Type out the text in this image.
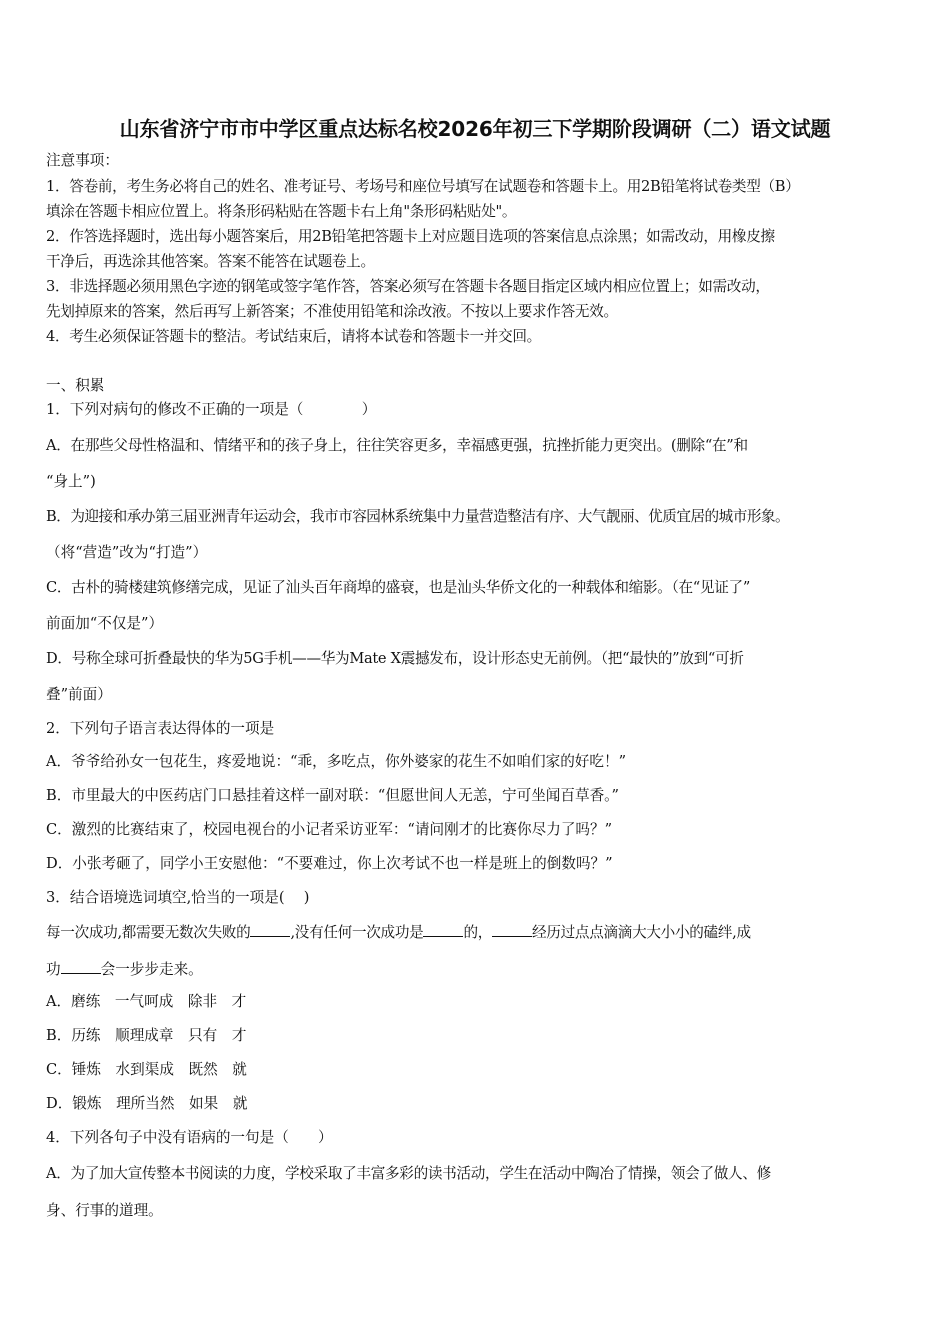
山东省济宁市市中学区重点达标名校2026年初三下学期阶段调研（二）语文试题
注意事项：
1．答卷前，考生务必将自己的姓名、准考证号、考场号和座位号填写在试题卷和答题卡上。用2B铅笔将试卷类型（B）
填涂在答题卡相应位置上。将条形码粘贴在答题卡右上角"条形码粘贴处"。
2．作答选择题时，选出每小题答案后，用2B铅笔把答题卡上对应题目选项的答案信息点涂黑；如需改动，用橡皮擦
干净后，再选涂其他答案。答案不能答在试题卷上。
3．非选择题必须用黑色字迹的钢笔或签字笔作答，答案必须写在答题卡各题目指定区域内相应位置上；如需改动，
先划掉原来的答案，然后再写上新答案；不准使用铅笔和涂改液。不按以上要求作答无效。
4．考生必须保证答题卡的整洁。考试结束后，请将本试卷和答题卡一并交回。
一、积累
1．下列对病句的修改不正确的一项是（　　　　）
A．在那些父母性格温和、情绪平和的孩子身上，往往笑容更多，幸福感更强，抗挫折能力更突出。(删除“在”和
“身上”)
B．为迎接和承办第三届亚洲青年运动会，我市市容园林系统集中力量营造整洁有序、大气靓丽、优质宜居的城市形象。
（将“营造”改为“打造”）
C．古朴的骑楼建筑修缮完成，见证了汕头百年商埠的盛衰，也是汕头华侨文化的一种载体和缩影。（在“见证了”
前面加“不仅是”）
D．号称全球可折叠最快的华为5G手机——华为Mate X震撼发布，设计形态史无前例。（把“最快的”放到“可折
叠”前面）
2．下列句子语言表达得体的一项是
A．爷爷给孙女一包花生，疼爱地说：“乖，多吃点，你外婆家的花生不如咱们家的好吃！”
B．市里最大的中医药店门口悬挂着这样一副对联：“但愿世间人无恙，宁可坐闻百草香。”
C．激烈的比赛结束了，校园电视台的小记者采访亚军：“请问刚才的比赛你尽力了吗？”
D．小张考砸了，同学小王安慰他：“不要难过，你上次考试不也一样是班上的倒数吗？”
3．结合语境选词填空,恰当的一项是(　 )
每一次成功,都需要无数次失败的	,没有任何一次成功是	的，	经历过点点滴滴大大小小的磕绊,成
功	会一步步走来。
A．磨练　一气呵成　除非　才
B．历练　顺理成章　只有　才
C．锤炼　水到渠成　既然　就
D．锻炼　理所当然　如果　就
4．下列各句子中没有语病的一句是（　　）
A．为了加大宣传整本书阅读的力度，学校采取了丰富多彩的读书活动，学生在活动中陶冶了情操，领会了做人、修
身、行事的道理。
